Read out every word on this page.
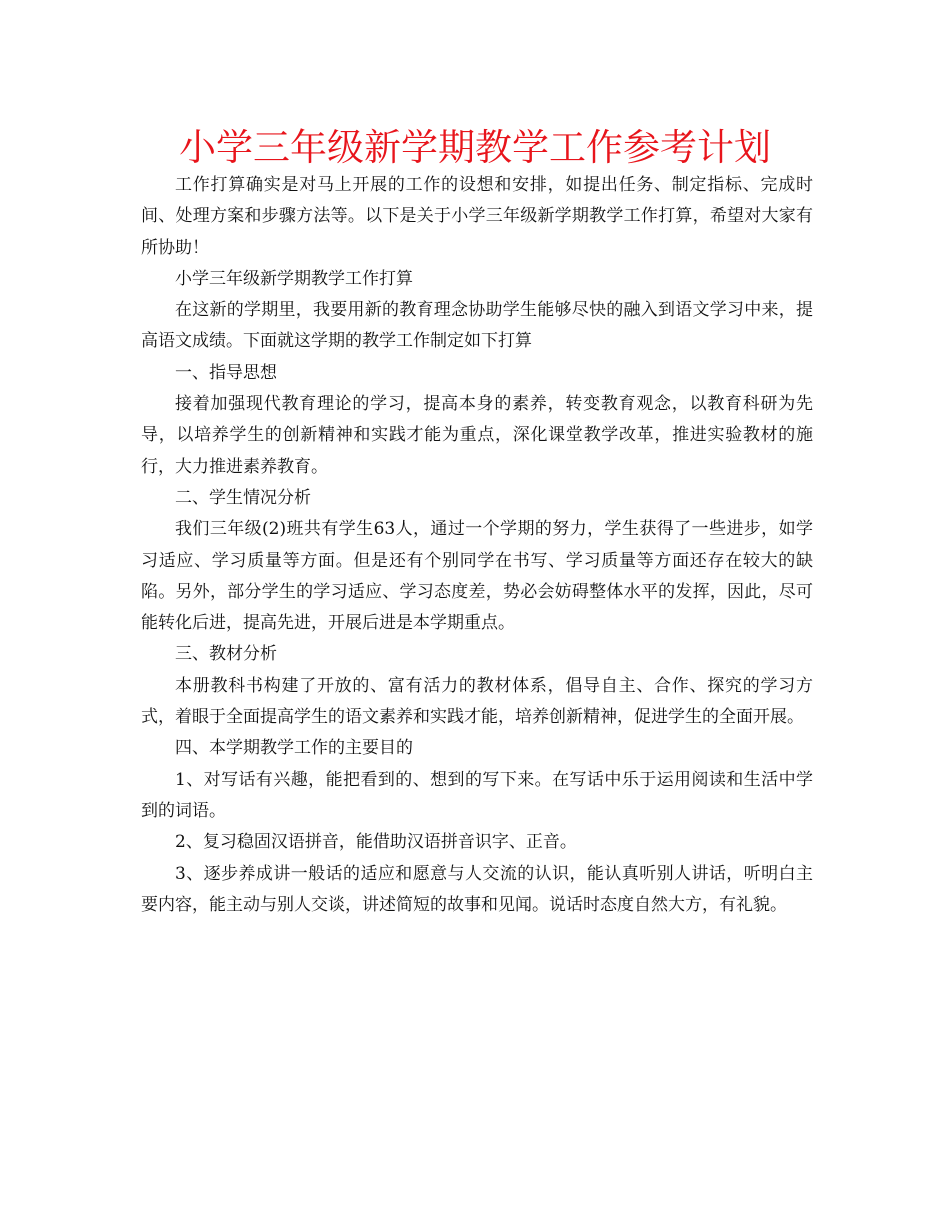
小学三年级新学期教学工作参考计划

工作打算确实是对马上开展的工作的设想和安排，如提出任务、制定指标、完成时间、处理方案和步骤方法等。以下是关于小学三年级新学期教学工作打算，希望对大家有所协助！

小学三年级新学期教学工作打算

在这新的学期里，我要用新的教育理念协助学生能够尽快的融入到语文学习中来，提高语文成绩。下面就这学期的教学工作制定如下打算

一、指导思想

接着加强现代教育理论的学习，提高本身的素养，转变教育观念，以教育科研为先导，以培养学生的创新精神和实践才能为重点，深化课堂教学改革，推进实验教材的施行，大力推进素养教育。

二、学生情况分析

我们三年级(2)班共有学生63人，通过一个学期的努力，学生获得了一些进步，如学习适应、学习质量等方面。但是还有个别同学在书写、学习质量等方面还存在较大的缺陷。另外，部分学生的学习适应、学习态度差，势必会妨碍整体水平的发挥，因此，尽可能转化后进，提高先进，开展后进是本学期重点。

三、教材分析

本册教科书构建了开放的、富有活力的教材体系，倡导自主、合作、探究的学习方式，着眼于全面提高学生的语文素养和实践才能，培养创新精神，促进学生的全面开展。

四、本学期教学工作的主要目的

1、对写话有兴趣，能把看到的、想到的写下来。在写话中乐于运用阅读和生活中学到的词语。

2、复习稳固汉语拼音，能借助汉语拼音识字、正音。

3、逐步养成讲一般话的适应和愿意与人交流的认识，能认真听别人讲话，听明白主要内容，能主动与别人交谈，讲述简短的故事和见闻。说话时态度自然大方，有礼貌。
